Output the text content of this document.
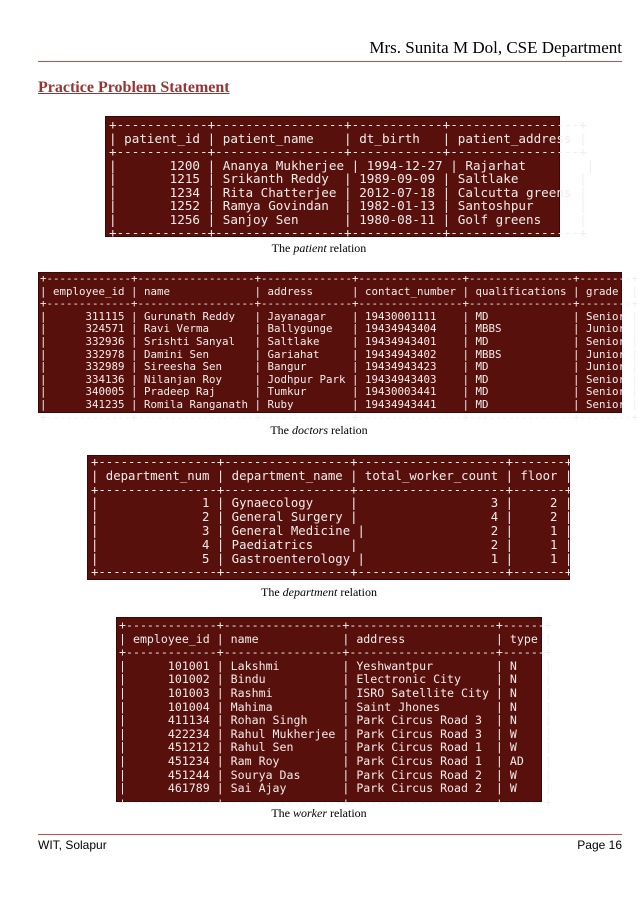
Mrs. Sunita M Dol, CSE Department
Practice Problem Statement
+------------+-----------------+------------+-----------------+
| patient_id | patient_name    | dt_birth   | patient_address |
+------------+-----------------+------------+-----------------+
|       1200 | Ananya Mukherjee | 1994-12-27 | Rajarhat        |
|       1215 | Srikanth Reddy  | 1989-09-09 | Saltlake        |
|       1234 | Rita Chatterjee | 2012-07-18 | Calcutta greens |
|       1252 | Ramya Govindan  | 1982-01-13 | Santoshpur      |
|       1256 | Sanjoy Sen      | 1980-08-11 | Golf greens     |
+------------+-----------------+------------+-----------------+
The patient relation
+-------------+------------------+--------------+----------------+----------------+--------+
| employee_id | name             | address      | contact_number | qualifications | grade  |
+-------------+------------------+--------------+----------------+----------------+--------+
|      311115 | Gurunath Reddy   | Jayanagar    | 19430001111    | MD             | Senior |
|      324571 | Ravi Verma       | Ballygunge   | 19434943404    | MBBS           | Junior |
|      332936 | Srishti Sanyal   | Saltlake     | 19434943401    | MD             | Senior |
|      332978 | Damini Sen       | Gariahat     | 19434943402    | MBBS           | Junior |
|      332989 | Sireesha Sen     | Bangur       | 19434943423    | MD             | Junior |
|      334136 | Nilanjan Roy     | Jodhpur Park | 19434943403    | MD             | Senior |
|      340005 | Pradeep Raj      | Tumkur       | 19430003441    | MD             | Senior |
|      341235 | Romila Ranganath | Ruby         | 19434943441    | MD             | Senior |
+-------------+------------------+--------------+----------------+----------------+--------+
The doctors relation
+----------------+-----------------+--------------------+-------+
| department_num | department_name | total_worker_count | floor |
+----------------+-----------------+--------------------+-------+
|              1 | Gynaecology     |                  3 |     2 |
|              2 | General Surgery |                  4 |     2 |
|              3 | General Medicine |                 2 |     1 |
|              4 | Paediatrics     |                  2 |     1 |
|              5 | Gastroenterology |                 1 |     1 |
+----------------+-----------------+--------------------+-------+
The department relation
+-------------+-----------------+---------------------+------+
| employee_id | name            | address             | type |
+-------------+-----------------+---------------------+------+
|      101001 | Lakshmi         | Yeshwantpur         | N    |
|      101002 | Bindu           | Electronic City     | N    |
|      101003 | Rashmi          | ISRO Satellite City | N    |
|      101004 | Mahima          | Saint Jhones        | N    |
|      411134 | Rohan Singh     | Park Circus Road 3  | N    |
|      422234 | Rahul Mukherjee | Park Circus Road 3  | W    |
|      451212 | Rahul Sen       | Park Circus Road 1  | W    |
|      451234 | Ram Roy         | Park Circus Road 1  | AD   |
|      451244 | Sourya Das      | Park Circus Road 2  | W    |
|      461789 | Sai Ajay        | Park Circus Road 2  | W    |
+-------------+-----------------+---------------------+------+
The worker relation
WIT, Solapur	Page 16
